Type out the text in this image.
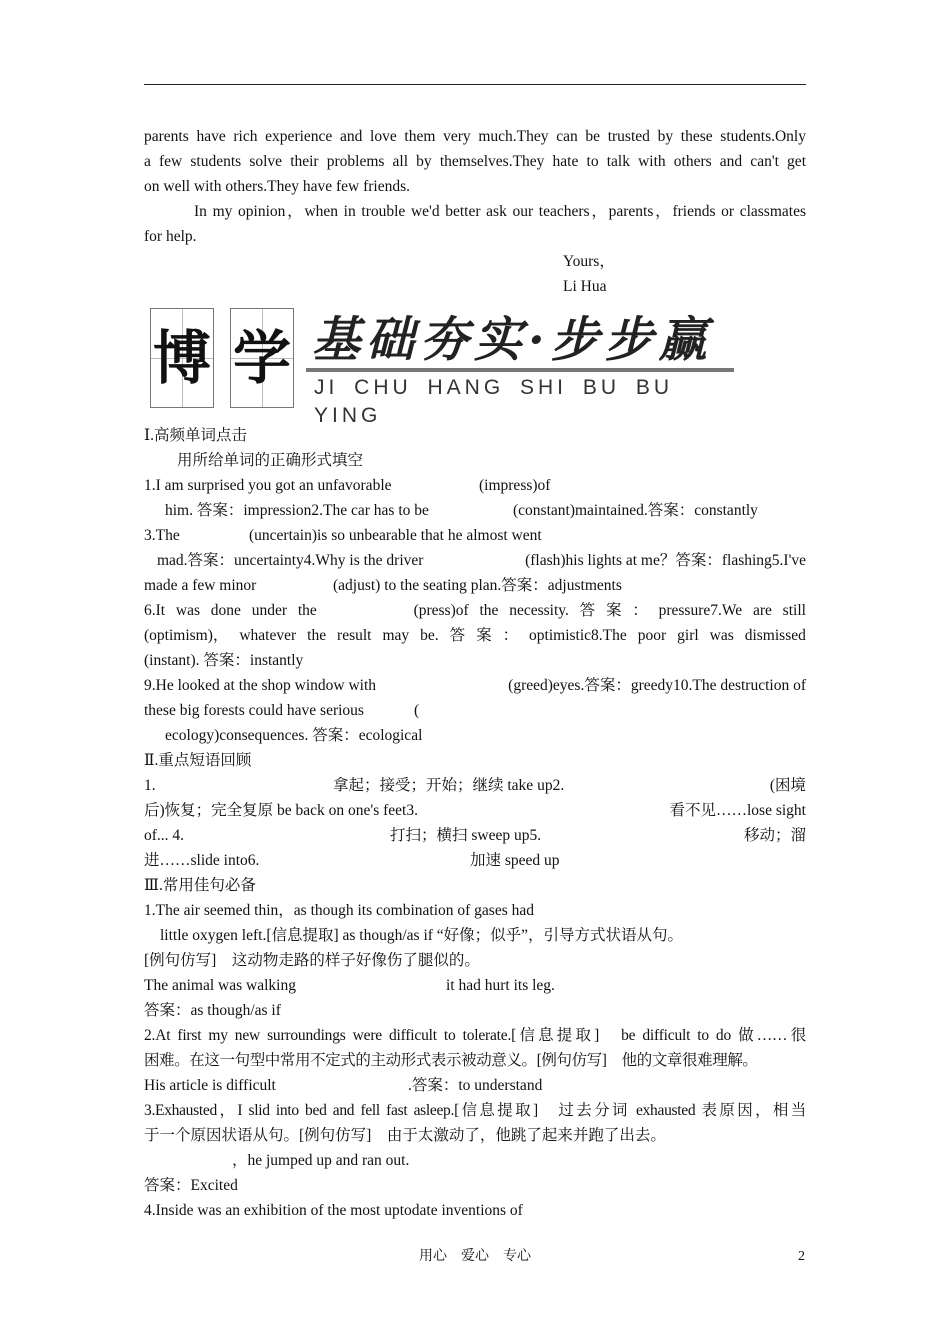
parents have rich experience and love them very much.They can be trusted by these students.Only
a few students solve their problems all by themselves.They hate to talk with others and can't get
on well with others.They have few friends.
In my opinion，when in trouble we'd better ask our teachers，parents，friends or classmates
for help.
Yours，
Li Hua
博 学 基础夯实·步步赢
JI CHU HANG SHI BU BU YING
Ⅰ.高频单词点击
用所给单词的正确形式填空
1.I am surprised you got an unfavorable	(impress)of
him. 答案：impression2.The car has to be	(constant)maintained.答案：constantly
3.The	(uncertain)is so unbearable that he almost went
mad.答案：uncertainty4.Why is the driver	(flash)his lights at me？答案：flashing5.I've
made a few minor	(adjust) to the seating plan.答案：adjustments
6.It was done under the	(press)of the necessity. 答 案 ： pressure7.We are still
(optimism)， whatever the result may be. 答 案 ： optimistic8.The poor girl was dismissed
(instant). 答案：instantly
9.He looked at the shop window with	(greed)eyes.答案：greedy10.The destruction of
these big forests could have serious	(
ecology)consequences. 答案：ecological
Ⅱ.重点短语回顾
1.	拿起；接受；开始；继续 take up2.	(困境
后)恢复；完全复原 be back on one's feet3.	看不见……lose sight
of... 4.	打扫；横扫 sweep up5.	移动；溜
进……slide into6.	加速 speed up
Ⅲ.常用佳句必备
1.The air seemed thin，as though its combination of gases had
little oxygen left.[信息提取] as though/as if “好像；似乎”，引导方式状语从句。
[例句仿写]　这动物走路的样子好像伤了腿似的。
The animal was walking	it had hurt its leg.
答案：as though/as if
2.At first my new surroundings were difficult to tolerate.[信息提取]　be difficult to do 做……很
困难。在这一句型中常用不定式的主动形式表示被动意义。[例句仿写]　他的文章很难理解。
His article is difficult	.答案：to understand
3.Exhausted，I slid into bed and fell fast asleep.[信息提取]　过去分词 exhausted 表原因，相当
于一个原因状语从句。[例句仿写]　由于太激动了，他跳了起来并跑了出去。
，he jumped up and ran out.
答案：Excited
4.Inside was an exhibition of the most uptodate inventions of
用心　爱心　专心	2
